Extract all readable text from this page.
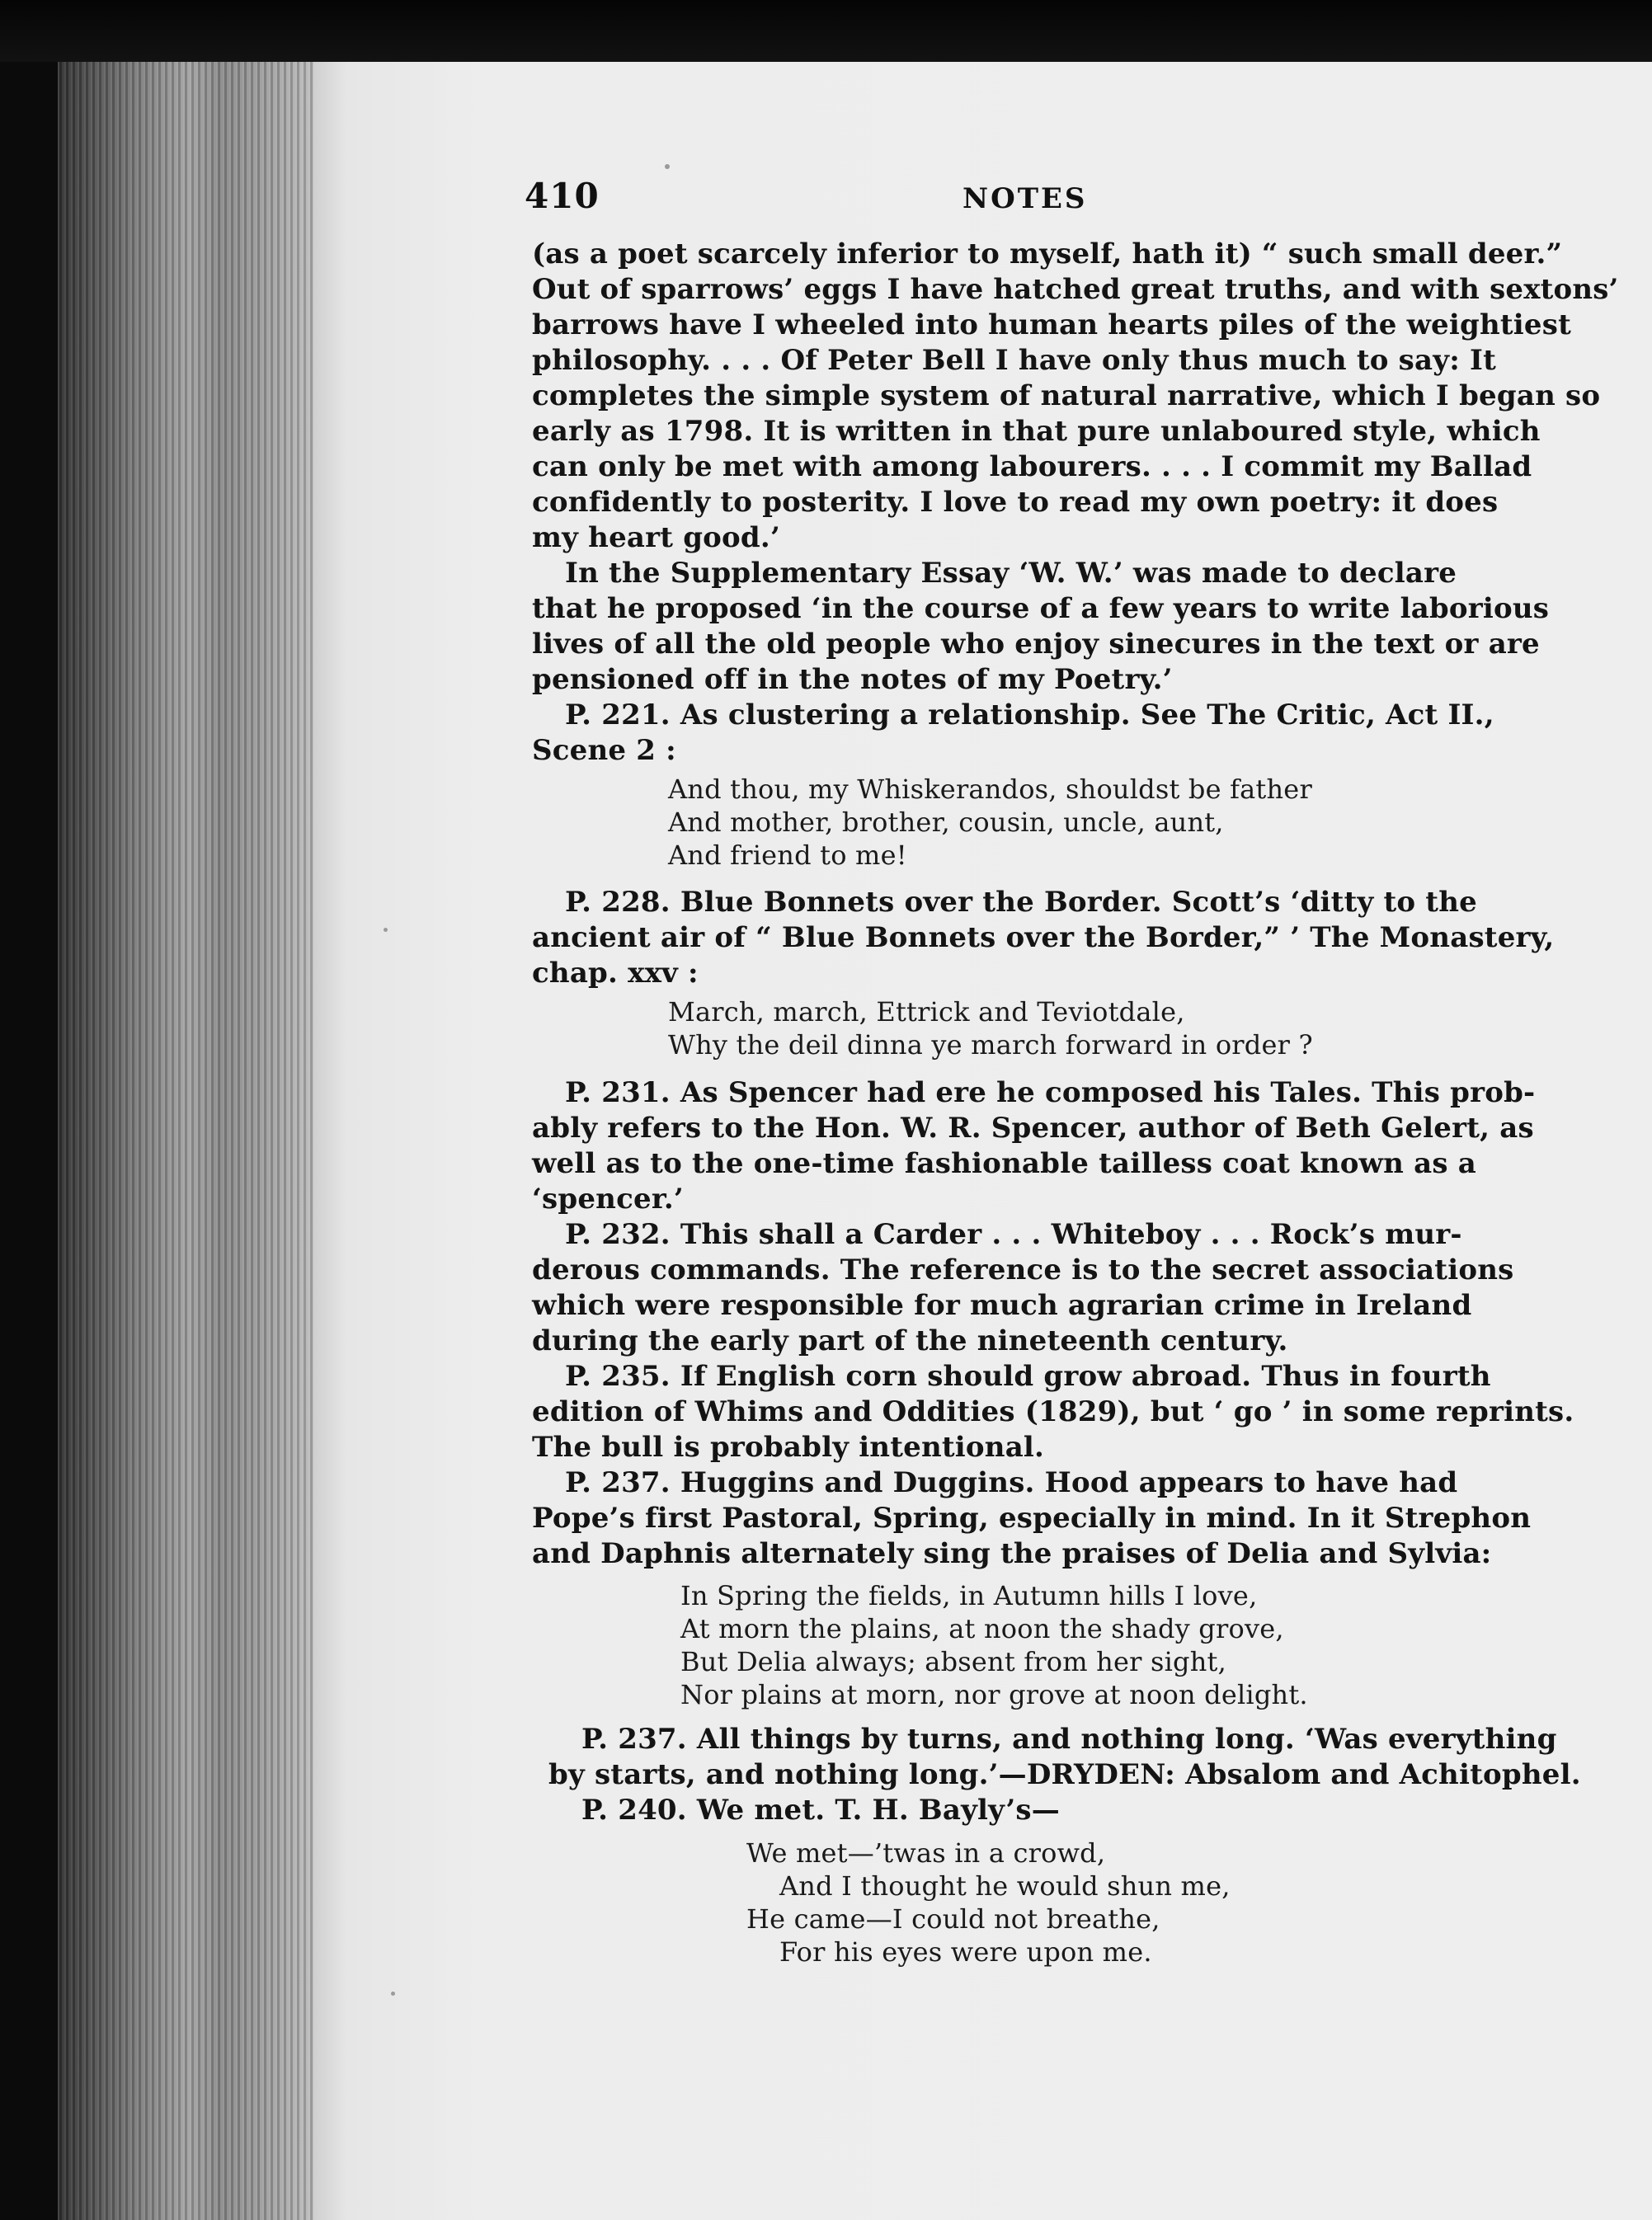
410	NOTES

(as a poet scarcely inferior to myself, hath it) “ such small deer.”

Out of sparrows’ eggs I have hatched great truths, and with sextons’

barrows have I wheeled into human hearts piles of the weightiest

philosophy. . . . Of Peter Bell I have only thus much to say: It

completes the simple system of natural narrative, which I began so

early as 1798. It is written in that pure unlaboured style, which

can only be met with among labourers. . . . I commit my Ballad

confidently to posterity. I love to read my own poetry: it does

my heart good.’

In the Supplementary Essay ‘W. W.’ was made to declare

that he proposed ‘in the course of a few years to write laborious

lives of all the old people who enjoy sinecures in the text or are

pensioned off in the notes of my Poetry.’

P. 221. As clustering a relationship. See The Critic, Act II.,

Scene 2 :

And thou, my Whiskerandos, shouldst be father

And mother, brother, cousin, uncle, aunt,

And friend to me!

P. 228. Blue Bonnets over the Border. Scott’s ‘ditty to the

ancient air of “ Blue Bonnets over the Border,” ’ The Monastery,

chap. xxv :

March, march, Ettrick and Teviotdale,

Why the deil dinna ye march forward in order ?

P. 231. As Spencer had ere he composed his Tales. This prob-

ably refers to the Hon. W. R. Spencer, author of Beth Gelert, as

well as to the one-time fashionable tailless coat known as a

‘spencer.’

P. 232. This shall a Carder . . . Whiteboy . . . Rock’s mur-

derous commands. The reference is to the secret associations

which were responsible for much agrarian crime in Ireland

during the early part of the nineteenth century.

P. 235. If English corn should grow abroad. Thus in fourth

edition of Whims and Oddities (1829), but ‘ go ’ in some reprints.

The bull is probably intentional.

P. 237. Huggins and Duggins. Hood appears to have had

Pope’s first Pastoral, Spring, especially in mind. In it Strephon

and Daphnis alternately sing the praises of Delia and Sylvia:

In Spring the fields, in Autumn hills I love,

At morn the plains, at noon the shady grove,

But Delia always; absent from her sight,

Nor plains at morn, nor grove at noon delight.

P. 237. All things by turns, and nothing long. ‘Was everything

by starts, and nothing long.’—DRYDEN: Absalom and Achitophel.

P. 240. We met. T. H. Bayly’s—

We met—’twas in a crowd,

And I thought he would shun me,

He came—I could not breathe,

For his eyes were upon me.
